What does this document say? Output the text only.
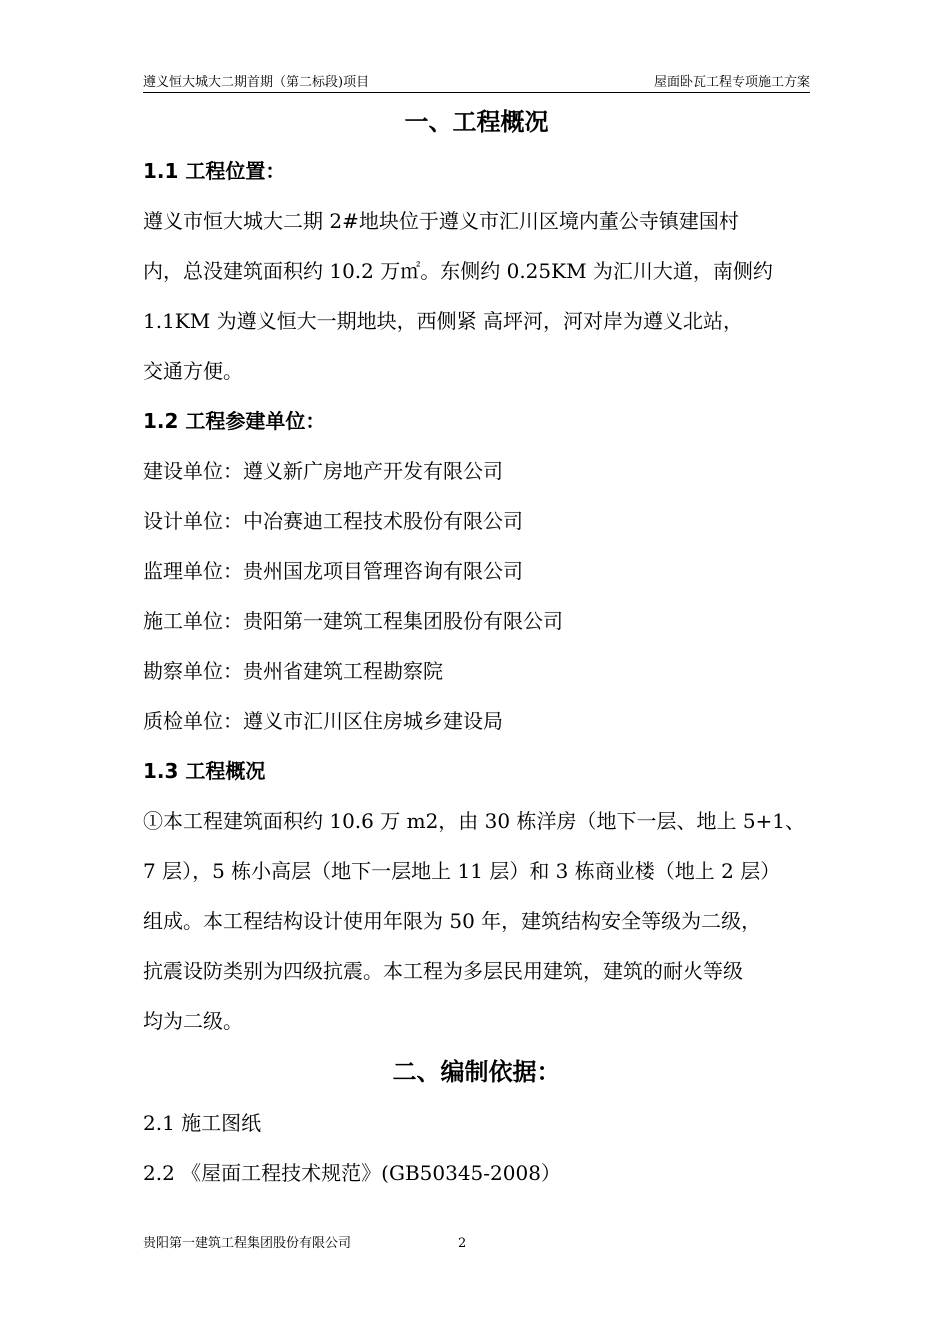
遵义恒大城大二期首期（第二标段)项目	屋面卧瓦工程专项施工方案
一、工程概况
1.1 工程位置：
遵义市恒大城大二期 2#地块位于遵义市汇川区境内董公寺镇建国村
内，总没建筑面积约 10.2 万㎡。东侧约 0.25KM 为汇川大道，南侧约
1.1KM 为遵义恒大一期地块，西侧紧 高坪河，河对岸为遵义北站，
交通方便。
1.2 工程参建单位：
建设单位：遵义新广房地产开发有限公司
设计单位：中冶赛迪工程技术股份有限公司
监理单位：贵州国龙项目管理咨询有限公司
施工单位：贵阳第一建筑工程集团股份有限公司
勘察单位：贵州省建筑工程勘察院
质检单位：遵义市汇川区住房城乡建设局
1.3 工程概况
①本工程建筑面积约 10.6 万 m2，由 30 栋洋房（地下一层、地上 5+1、
7 层），5 栋小高层（地下一层地上 11 层）和 3 栋商业楼（地上 2 层）
组成。本工程结构设计使用年限为 50 年，建筑结构安全等级为二级，
抗震设防类别为四级抗震。本工程为多层民用建筑，建筑的耐火等级
均为二级。
二、编制依据：
2.1 施工图纸
2.2 《屋面工程技术规范》(GB50345-2008）
贵阳第一建筑工程集团股份有限公司	2
